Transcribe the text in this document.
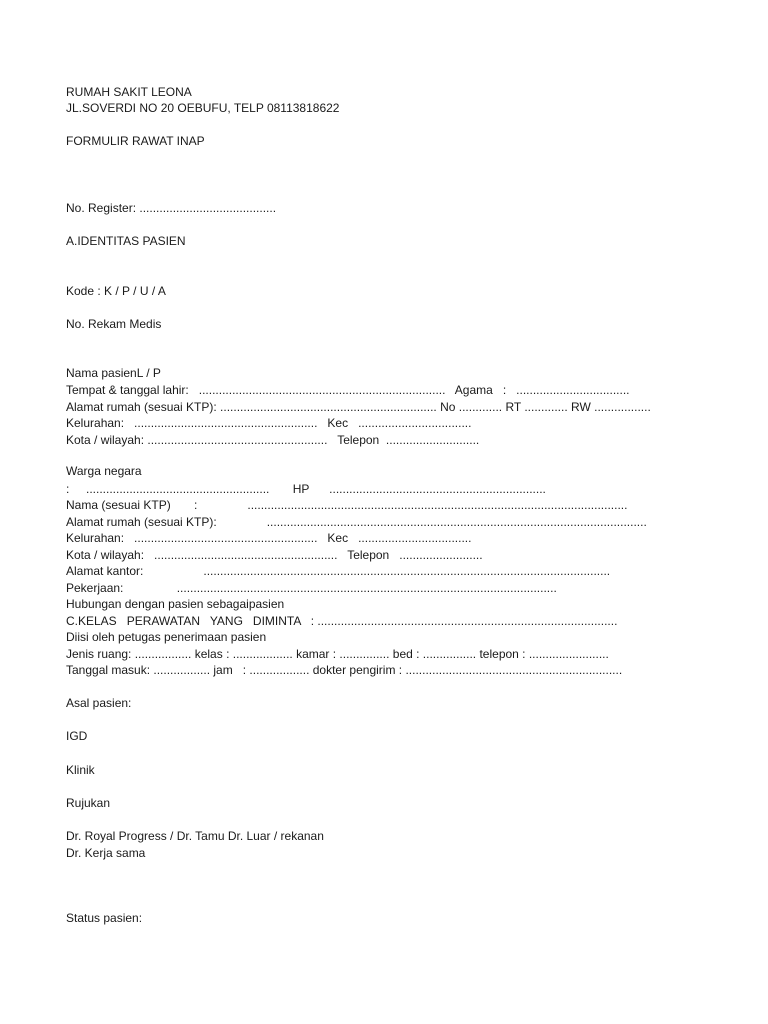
RUMAH SAKIT LEONA
JL.SOVERDI NO 20 OEBUFU, TELP 08113818622
FORMULIR RAWAT INAP
No. Register: .........................................
A.IDENTITAS PASIEN
Kode : K / P / U / A
No. Rekam Medis
Nama pasienL / P
Tempat & tanggal lahir:   ..........................................................................   Agama   :   ..................................
Alamat rumah (sesuai KTP): ................................................................. No ............. RT ............. RW .................
Kelurahan:   .......................................................   Kec   ..................................
Kota / wilayah: ......................................................   Telepon  ............................
Warga negara
:     .......................................................       HP      .................................................................
Nama (sesuai KTP)       :               ..................................................................................................................
Alamat rumah (sesuai KTP):               ..................................................................................................................
Kelurahan:   .......................................................   Kec   ..................................
Kota / wilayah:   .......................................................   Telepon   .........................
Alamat kantor:                  ..........................................................................................................................
Pekerjaan:                ..................................................................................................................
Hubungan dengan pasien sebagaipasien
C.KELAS   PERAWATAN   YANG   DIMINTA   : ..........................................................................................
Diisi oleh petugas penerimaan pasien
Jenis ruang: ................. kelas : .................. kamar : ............... bed : ................ telepon : ........................
Tanggal masuk: ................. jam   : .................. dokter pengirim : .................................................................
Asal pasien:
IGD
Klinik
Rujukan
Dr. Royal Progress / Dr. Tamu Dr. Luar / rekanan
Dr. Kerja sama
Status pasien:
